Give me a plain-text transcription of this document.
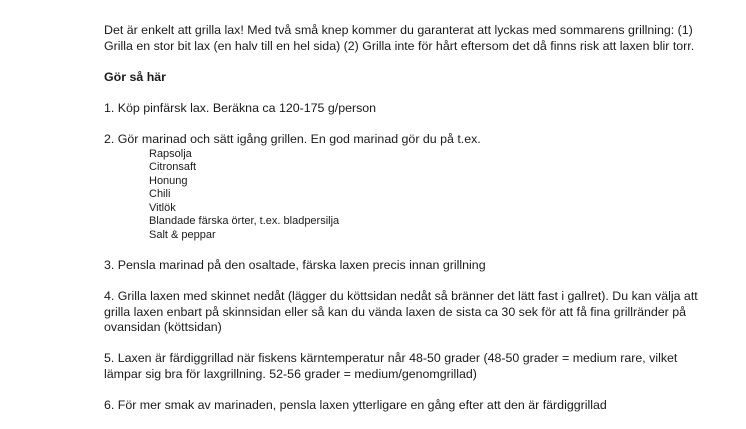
Det är enkelt att grilla lax! Med två små knep kommer du garanterat att lyckas med sommarens grillning: (1) Grilla en stor bit lax (en halv till en hel sida) (2) Grilla inte för hårt eftersom det då finns risk att laxen blir torr.

Gör så här

1. Köp pinfärsk lax. Beräkna ca 120-175 g/person

2. Gör marinad och sätt igång grillen. En god marinad gör du på t.ex.

Rapsolja
Citronsaft
Honung
Chili
Vitlök
Blandade färska örter, t.ex. bladpersilja
Salt & peppar

3. Pensla marinad på den osaltade, färska laxen precis innan grillning

4. Grilla laxen med skinnet nedåt (lägger du köttsidan nedåt så bränner det lätt fast i gallret). Du kan välja att grilla laxen enbart på skinnsidan eller så kan du vända laxen de sista ca 30 sek för att få fina grillränder på ovansidan (köttsidan)

5. Laxen är färdiggrillad när fiskens kärntemperatur når 48-50 grader (48-50 grader = medium rare, vilket lämpar sig bra för laxgrillning. 52-56 grader = medium/genomgrillad)

6. För mer smak av marinaden, pensla laxen ytterligare en gång efter att den är färdiggrillad
